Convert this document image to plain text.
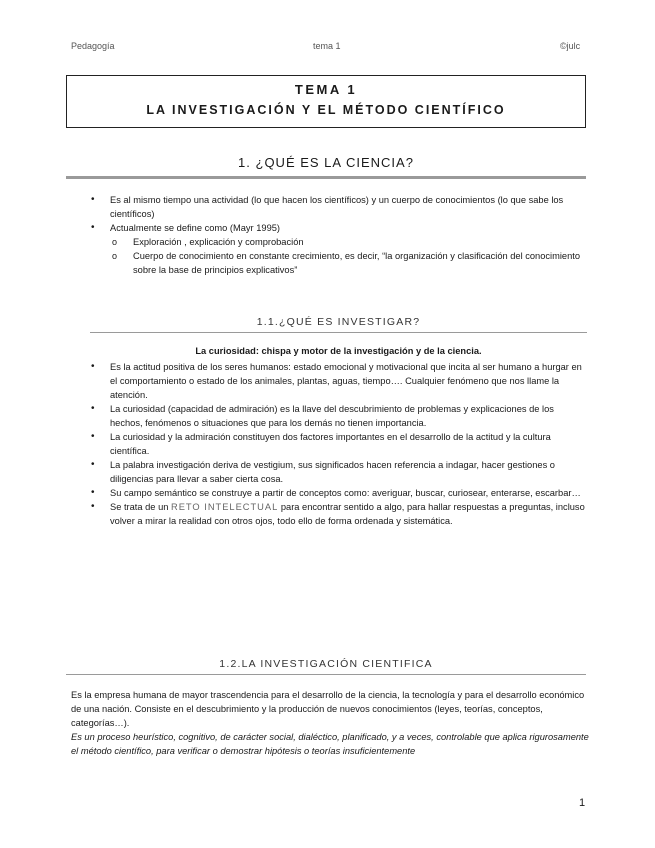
Pedagogía	tema 1	©julc
TEMA 1
LA INVESTIGACIÓN Y EL MÉTODO CIENTÍFICO
1. ¿QUÉ ES LA CIENCIA?
• Es al mismo tiempo una actividad (lo que hacen los científicos) y un cuerpo de conocimientos (lo que sabe los científicos)
• Actualmente se define como (Mayr 1995)
o Exploración , explicación y comprobación
o Cuerpo de conocimiento en constante crecimiento, es decir, “la organización y clasificación del conocimiento sobre la base de principios explicativos”
1.1.¿QUÉ ES INVESTIGAR?
La curiosidad: chispa y motor de la investigación y de la ciencia.
• Es la actitud positiva de los seres humanos: estado emocional y motivacional que incita al ser humano a hurgar en el comportamiento o estado de los animales, plantas, aguas, tiempo…. Cualquier fenómeno que nos llame la atención.
• La curiosidad (capacidad de admiración) es la llave del descubrimiento de problemas y explicaciones de los hechos, fenómenos o situaciones que para los demás no tienen importancia.
• La curiosidad y la admiración constituyen dos factores importantes en el desarrollo de la actitud y la cultura científica.
• La palabra investigación deriva de vestigium, sus significados hacen referencia a indagar, hacer gestiones o diligencias para llevar a saber cierta cosa.
• Su campo semántico se construye a partir de conceptos como: averiguar, buscar, curiosear, enterarse, escarbar…
• Se trata de un RETO INTELECTUAL para encontrar sentido a algo, para hallar respuestas a preguntas, incluso volver a mirar la realidad con otros ojos, todo ello de forma ordenada y sistemática.
1.2.LA INVESTIGACIÓN CIENTIFICA
Es la empresa humana de mayor trascendencia para el desarrollo de la ciencia, la tecnología y para el desarrollo económico de una nación. Consiste en el descubrimiento y la producción de nuevos conocimientos (leyes, teorías, conceptos, categorías…).
Es un proceso heurístico, cognitivo, de carácter social, dialéctico, planificado, y a veces, controlable que aplica rigurosamente el método científico, para verificar o demostrar hipótesis o teorías insuficientemente
1
